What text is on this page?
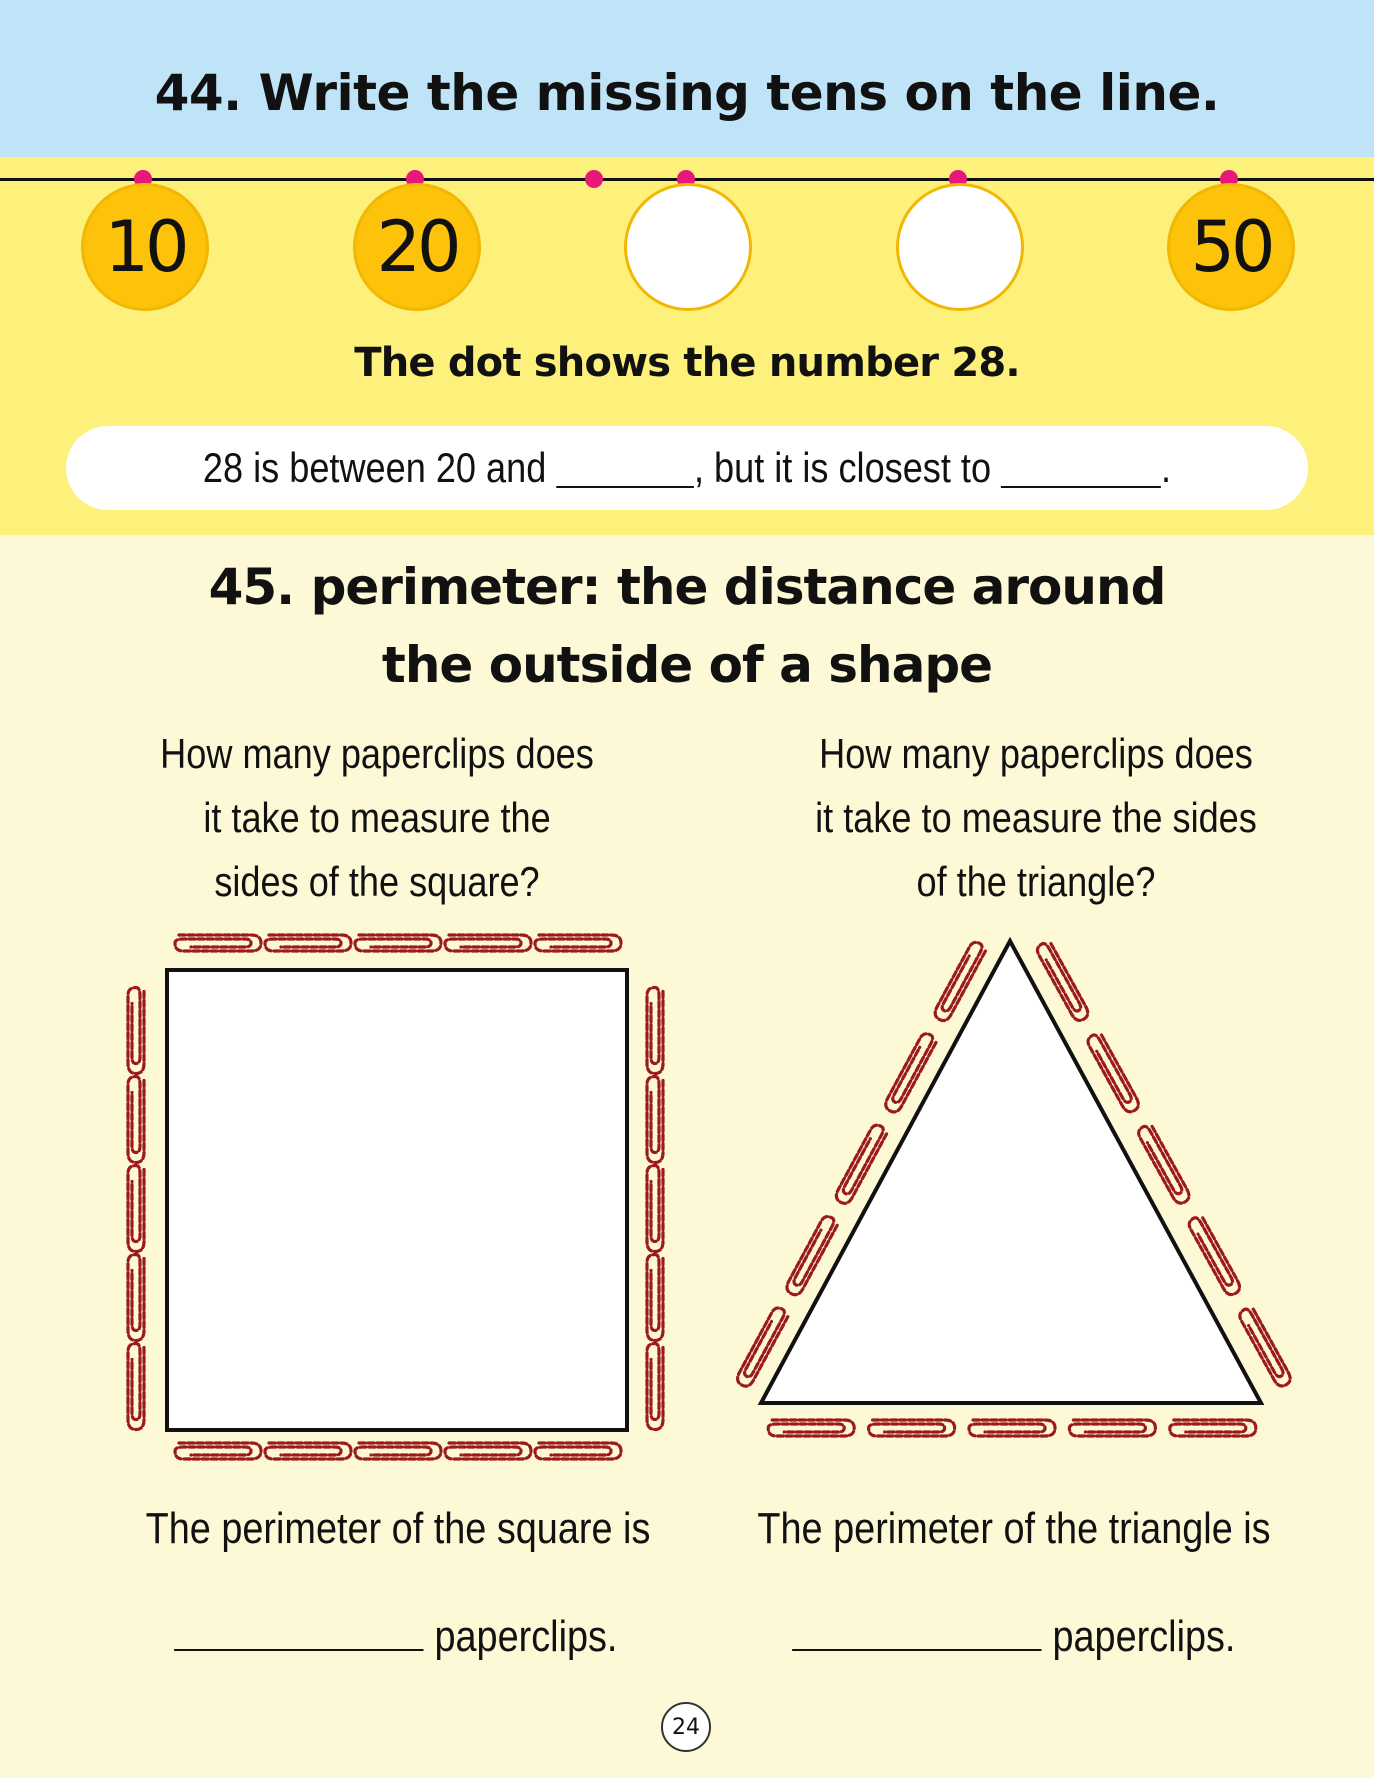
44. Write the missing tens on the line.
10	20	50
The dot shows the number 28.
28 is between 20 and	, but it is closest to	.
45. perimeter: the distance around
the outside of a shape
How many paperclips does
it take to measure the
sides of the square?
How many paperclips does
it take to measure the sides
of the triangle?
The perimeter of the square is The perimeter of the triangle is
paperclips.	paperclips.
24
